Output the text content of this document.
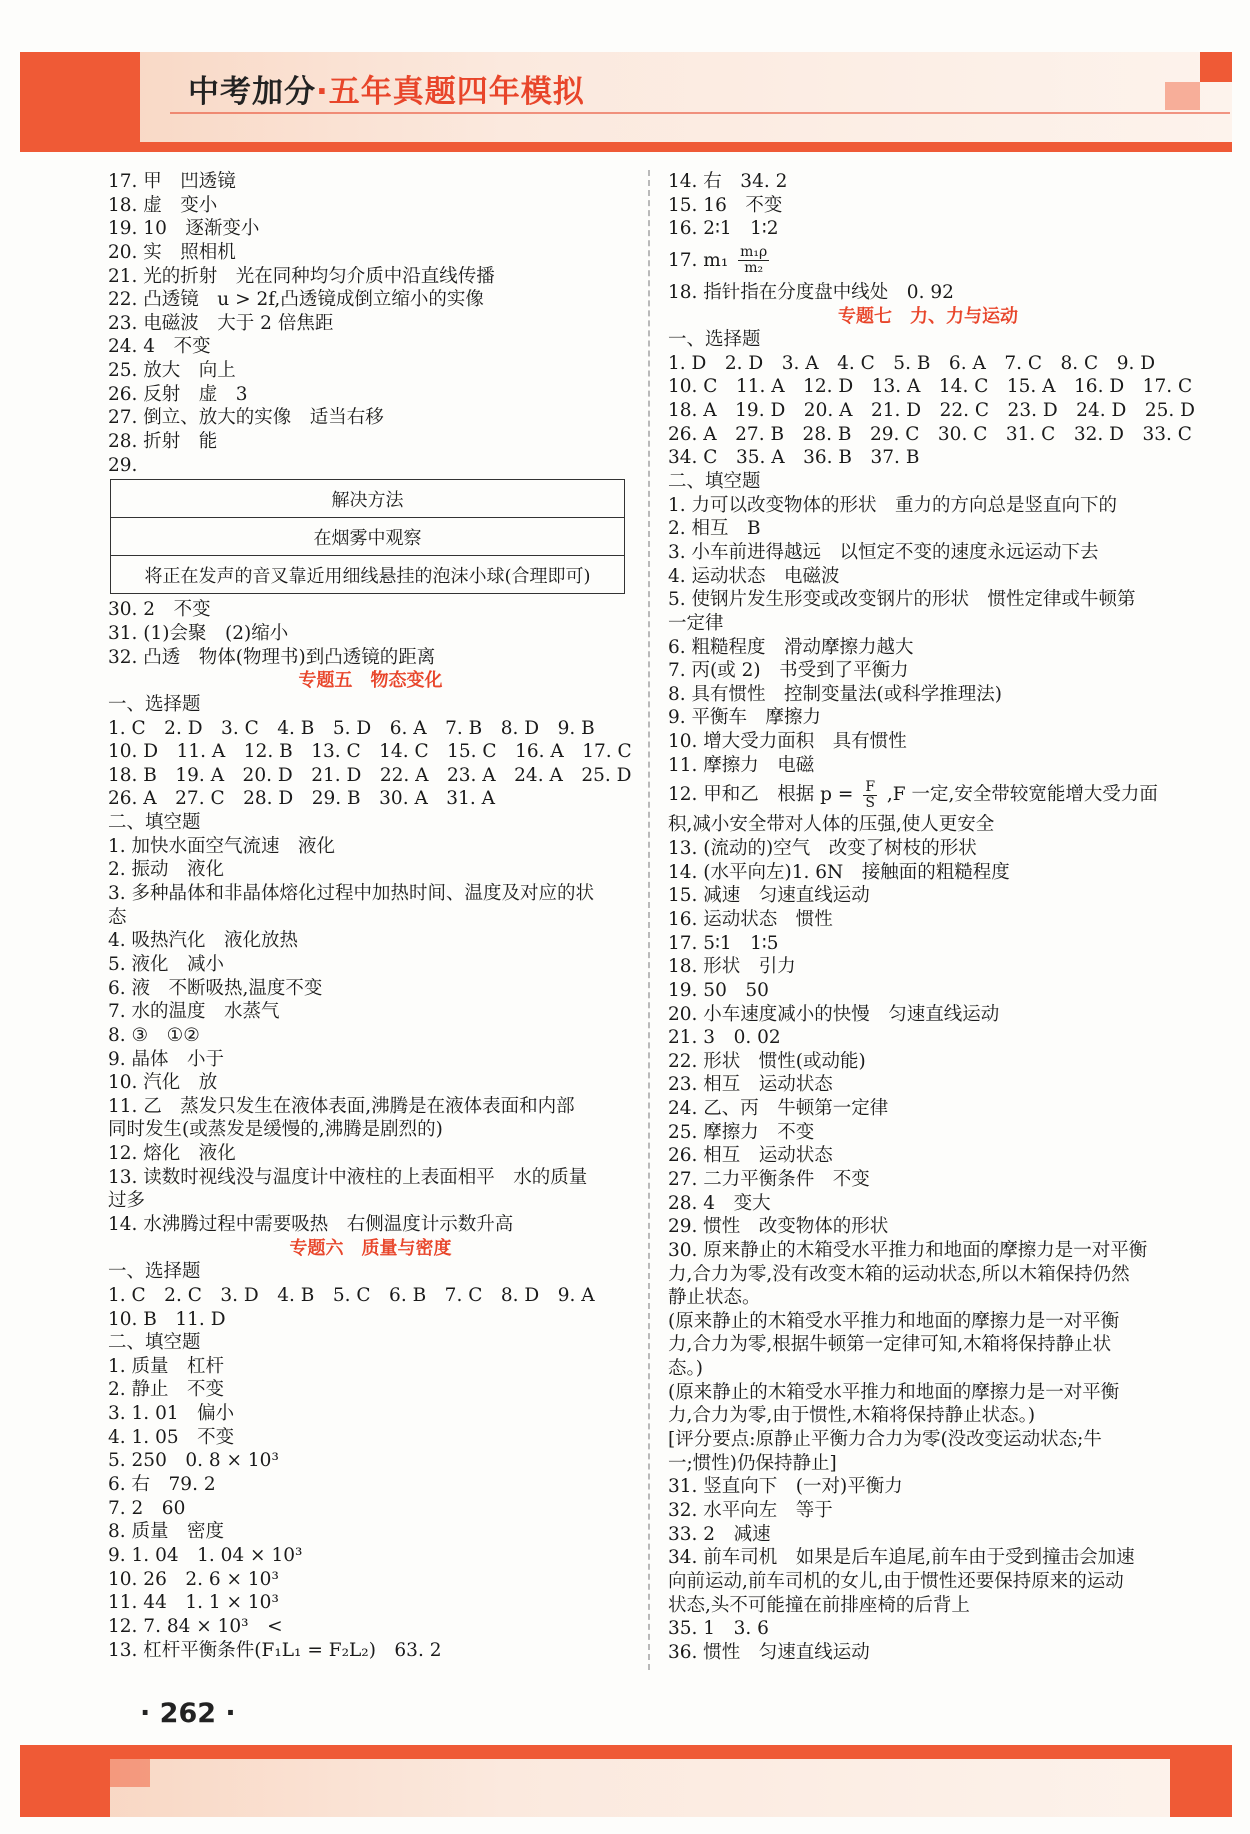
中考加分·五年真题四年模拟
17. 甲　凹透镜
18. 虚　变小
19. 10　逐渐变小
20. 实　照相机
21. 光的折射　光在同种均匀介质中沿直线传播
22. 凸透镜　u > 2f,凸透镜成倒立缩小的实像
23. 电磁波　大于 2 倍焦距
24. 4　不变
25. 放大　向上
26. 反射　虚　3
27. 倒立、放大的实像　适当右移
28. 折射　能
29.
解决方法
在烟雾中观察
将正在发声的音叉靠近用细线悬挂的泡沫小球(合理即可)
30. 2　不变
31. (1)会聚　(2)缩小
32. 凸透　物体(物理书)到凸透镜的距离
专题五　物态变化
一、选择题
1. C　2. D　3. C　4. B　5. D　6. A　7. B　8. D　9. B
10. D　11. A　12. B　13. C　14. C　15. C　16. A　17. C
18. B　19. A　20. D　21. D　22. A　23. A　24. A　25. D
26. A　27. C　28. D　29. B　30. A　31. A
二、填空题
1. 加快水面空气流速　液化
2. 振动　液化
3. 多种晶体和非晶体熔化过程中加热时间、温度及对应的状
态
4. 吸热汽化　液化放热
5. 液化　减小
6. 液　不断吸热,温度不变
7. 水的温度　水蒸气
8. ③　①②
9. 晶体　小于
10. 汽化　放
11. 乙　蒸发只发生在液体表面,沸腾是在液体表面和内部
同时发生(或蒸发是缓慢的,沸腾是剧烈的)
12. 熔化　液化
13. 读数时视线没与温度计中液柱的上表面相平　水的质量
过多
14. 水沸腾过程中需要吸热　右侧温度计示数升高
专题六　质量与密度
一、选择题
1. C　2. C　3. D　4. B　5. C　6. B　7. C　8. D　9. A
10. B　11. D
二、填空题
1. 质量　杠杆
2. 静止　不变
3. 1. 01　偏小
4. 1. 05　不变
5. 250　0. 8 × 10³
6. 右　79. 2
7. 2　60
8. 质量　密度
9. 1. 04　1. 04 × 10³
10. 26　2. 6 × 10³
11. 44　1. 1 × 10³
12. 7. 84 × 10³　<
13. 杠杆平衡条件(F₁L₁ = F₂L₂)　63. 2
14. 右　34. 2
15. 16　不变
16. 2∶1　1∶2
17. $m_1 \frac{\text{m₁ρ}}{\text{m₂}}$
18. 指针指在分度盘中线处　0. 92
专题七　力、力与运动
一、选择题
1. D　2. D　3. A　4. C　5. B　6. A　7. C　8. C　9. D
10. C　11. A　12. D　13. A　14. C　15. A　16. D　17. C
18. A　19. D　20. A　21. D　22. C　23. D　24. D　25. D
26. A　27. B　28. B　29. C　30. C　31. C　32. D　33. C
34. C　35. A　36. B　37. B
二、填空题
1. 力可以改变物体的形状　重力的方向总是竖直向下的
2. 相互　B
3. 小车前进得越远　以恒定不变的速度永远运动下去
4. 运动状态　电磁波
5. 使钢片发生形变或改变钢片的形状　惯性定律或牛顿第
一定律
6. 粗糙程度　滑动摩擦力越大
7. 丙(或 2)　书受到了平衡力
8. 具有惯性　控制变量法(或科学推理法)
9. 平衡车　摩擦力
10. 增大受力面积　具有惯性
11. 摩擦力　电磁
12. 甲和乙　根据 $p = \frac{F}{S} ,F$ 一定,安全带较宽能增大受力面
积,减小安全带对人体的压强,使人更安全
13. (流动的)空气　改变了树枝的形状
14. (水平向左)1. 6N　接触面的粗糙程度
15. 减速　匀速直线运动
16. 运动状态　惯性
17. 5∶1　1∶5
18. 形状　引力
19. 50　50
20. 小车速度减小的快慢　匀速直线运动
21. 3　0. 02
22. 形状　惯性(或动能)
23. 相互　运动状态
24. 乙、丙　牛顿第一定律
25. 摩擦力　不变
26. 相互　运动状态
27. 二力平衡条件　不变
28. 4　变大
29. 惯性　改变物体的形状
30. 原来静止的木箱受水平推力和地面的摩擦力是一对平衡
力,合力为零,没有改变木箱的运动状态,所以木箱保持仍然
静止状态。
(原来静止的木箱受水平推力和地面的摩擦力是一对平衡
力,合力为零,根据牛顿第一定律可知,木箱将保持静止状
态。)
(原来静止的木箱受水平推力和地面的摩擦力是一对平衡
力,合力为零,由于惯性,木箱将保持静止状态。)
[评分要点:原静止平衡力合力为零(没改变运动状态;牛
一;惯性)仍保持静止]
31. 竖直向下　(一对)平衡力
32. 水平向左　等于
33. 2　减速
34. 前车司机　如果是后车追尾,前车由于受到撞击会加速
向前运动,前车司机的女儿,由于惯性还要保持原来的运动
状态,头不可能撞在前排座椅的后背上
35. 1　3. 6
36. 惯性　匀速直线运动
· 262 ·
